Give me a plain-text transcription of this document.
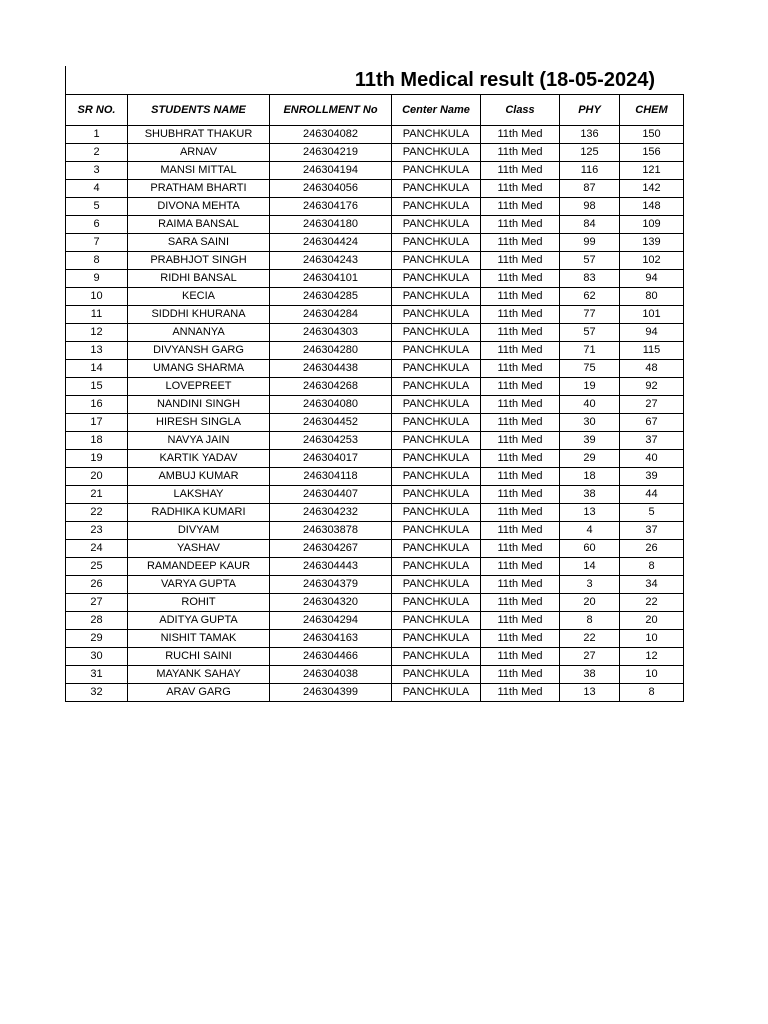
11th Medical result (18-05-2024)
SR NO.	STUDENTS NAME	ENROLLMENT No	Center Name	Class	PHY	CHEM
1	SHUBHRAT THAKUR	246304082	PANCHKULA	11th Med	136	150
2	ARNAV	246304219	PANCHKULA	11th Med	125	156
3	MANSI MITTAL	246304194	PANCHKULA	11th Med	116	121
4	PRATHAM BHARTI	246304056	PANCHKULA	11th Med	87	142
5	DIVONA MEHTA	246304176	PANCHKULA	11th Med	98	148
6	RAIMA BANSAL	246304180	PANCHKULA	11th Med	84	109
7	SARA SAINI	246304424	PANCHKULA	11th Med	99	139
8	PRABHJOT SINGH	246304243	PANCHKULA	11th Med	57	102
9	RIDHI BANSAL	246304101	PANCHKULA	11th Med	83	94
10	KECIA	246304285	PANCHKULA	11th Med	62	80
11	SIDDHI KHURANA	246304284	PANCHKULA	11th Med	77	101
12	ANNANYA	246304303	PANCHKULA	11th Med	57	94
13	DIVYANSH GARG	246304280	PANCHKULA	11th Med	71	115
14	UMANG SHARMA	246304438	PANCHKULA	11th Med	75	48
15	LOVEPREET	246304268	PANCHKULA	11th Med	19	92
16	NANDINI SINGH	246304080	PANCHKULA	11th Med	40	27
17	HIRESH SINGLA	246304452	PANCHKULA	11th Med	30	67
18	NAVYA JAIN	246304253	PANCHKULA	11th Med	39	37
19	KARTIK YADAV	246304017	PANCHKULA	11th Med	29	40
20	AMBUJ KUMAR	246304118	PANCHKULA	11th Med	18	39
21	LAKSHAY	246304407	PANCHKULA	11th Med	38	44
22	RADHIKA KUMARI	246304232	PANCHKULA	11th Med	13	5
23	DIVYAM	246303878	PANCHKULA	11th Med	4	37
24	YASHAV	246304267	PANCHKULA	11th Med	60	26
25	RAMANDEEP KAUR	246304443	PANCHKULA	11th Med	14	8
26	VARYA GUPTA	246304379	PANCHKULA	11th Med	3	34
27	ROHIT	246304320	PANCHKULA	11th Med	20	22
28	ADITYA GUPTA	246304294	PANCHKULA	11th Med	8	20
29	NISHIT TAMAK	246304163	PANCHKULA	11th Med	22	10
30	RUCHI SAINI	246304466	PANCHKULA	11th Med	27	12
31	MAYANK SAHAY	246304038	PANCHKULA	11th Med	38	10
32	ARAV GARG	246304399	PANCHKULA	11th Med	13	8
